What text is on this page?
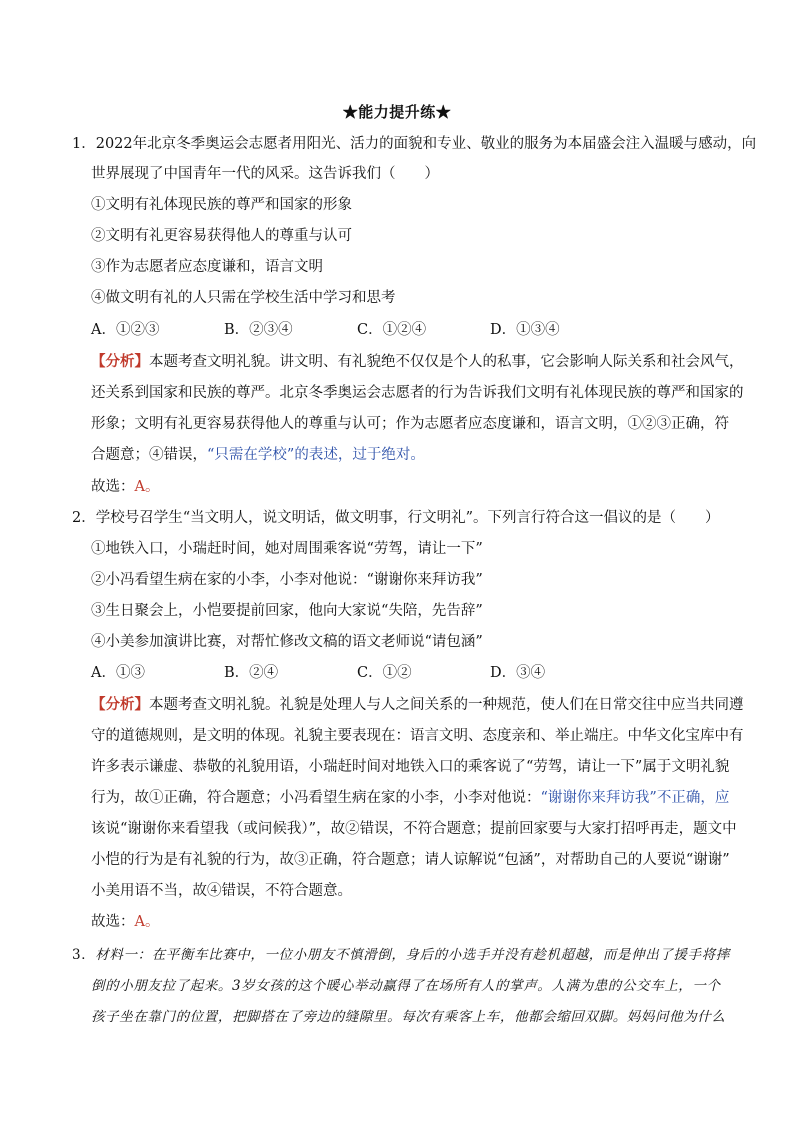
★能力提升练★
1．2022年北京冬季奥运会志愿者用阳光、活力的面貌和专业、敬业的服务为本届盛会注入温暖与感动，向
世界展现了中国青年一代的风采。这告诉我们（　　）
①文明有礼体现民族的尊严和国家的形象
②文明有礼更容易获得他人的尊重与认可
③作为志愿者应态度谦和，语言文明
④做文明有礼的人只需在学校生活中学习和思考
A．①②③	B．②③④	C．①②④	D．①③④
【分析】本题考查文明礼貌。讲文明、有礼貌绝不仅仅是个人的私事，它会影响人际关系和社会风气，
还关系到国家和民族的尊严。北京冬季奥运会志愿者的行为告诉我们文明有礼体现民族的尊严和国家的
形象；文明有礼更容易获得他人的尊重与认可；作为志愿者应态度谦和，语言文明，①②③正确，符
合题意；④错误，“只需在学校”的表述，过于绝对。
故选：A。
2．学校号召学生“当文明人，说文明话，做文明事，行文明礼”。下列言行符合这一倡议的是（　　）
①地铁入口，小瑞赶时间，她对周围乘客说“劳驾，请让一下”
②小冯看望生病在家的小李，小李对他说：“谢谢你来拜访我”
③生日聚会上，小恺要提前回家，他向大家说“失陪，先告辞”
④小美参加演讲比赛，对帮忙修改文稿的语文老师说“请包涵”
A．①③	B．②④	C．①②	D．③④
【分析】本题考查文明礼貌。礼貌是处理人与人之间关系的一种规范，使人们在日常交往中应当共同遵
守的道德规则，是文明的体现。礼貌主要表现在：语言文明、态度亲和、举止端庄。中华文化宝库中有
许多表示谦虚、恭敬的礼貌用语，小瑞赶时间对地铁入口的乘客说了“劳驾，请让一下”属于文明礼貌
行为，故①正确，符合题意；小冯看望生病在家的小李，小李对他说：“谢谢你来拜访我”不正确，应
该说“谢谢你来看望我（或问候我）”，故②错误，不符合题意；提前回家要与大家打招呼再走，题文中
小恺的行为是有礼貌的行为，故③正确，符合题意；请人谅解说“包涵”，对帮助自己的人要说“谢谢”
小美用语不当，故④错误，不符合题意。
故选：A。
3．材料一：在平衡车比赛中，一位小朋友不慎滑倒，身后的小选手并没有趁机超越，而是伸出了援手将摔
倒的小朋友拉了起来。3岁女孩的这个暖心举动赢得了在场所有人的掌声。人满为患的公交车上，一个
孩子坐在靠门的位置，把脚搭在了旁边的缝隙里。每次有乘客上车，他都会缩回双脚。妈妈问他为什么
